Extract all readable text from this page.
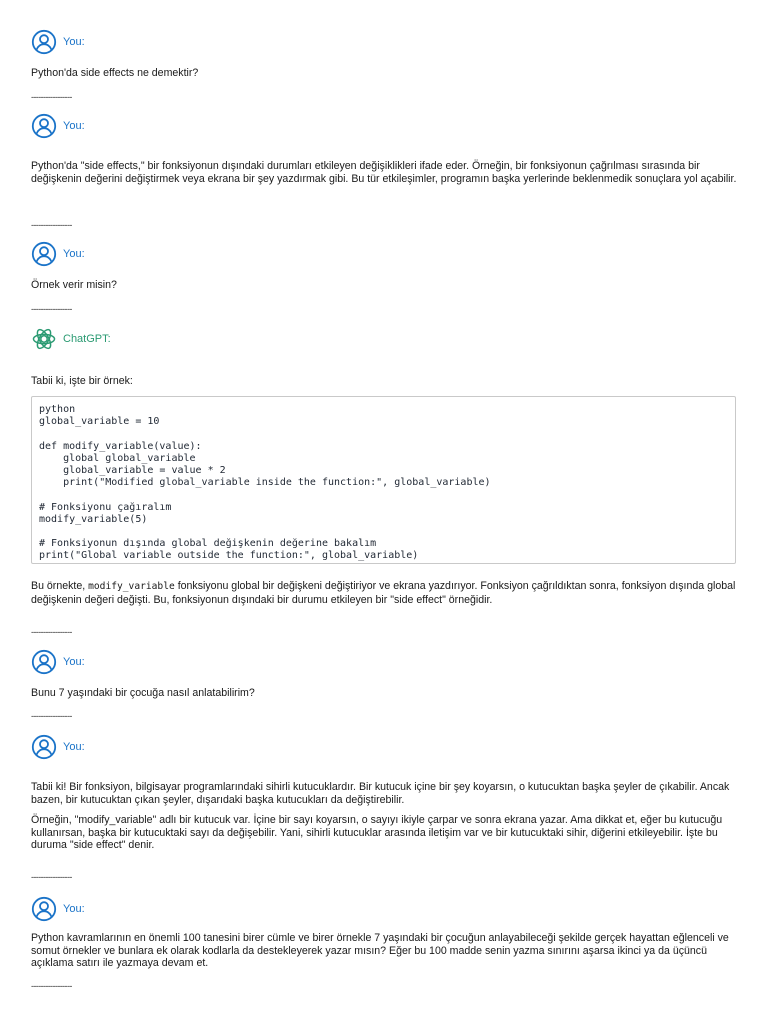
You:

Python'da side effects ne demektir?

-----------------
You:

Python'da "side effects," bir fonksiyonun dışındaki durumları etkileyen değişiklikleri ifade eder. Örneğin, bir fonksiyonun çağrılması sırasında bir değişkenin değerini değiştirmek veya ekrana bir şey yazdırmak gibi. Bu tür etkileşimler, programın başka yerlerinde beklenmedik sonuçlara yol açabilir.

-----------------
You:

Örnek verir misin?

-----------------
ChatGPT:

Tabii ki, işte bir örnek:

python
global_variable = 10

def modify_variable(value):
global global_variable
global_variable = value * 2
print("Modified global_variable inside the function:", global_variable)

# Fonksiyonu çağıralım
modify_variable(5)

# Fonksiyonun dışında global değişkenin değerine bakalım
print("Global variable outside the function:", global_variable)

Bu örnekte, modify_variable fonksiyonu global bir değişkeni değiştiriyor ve ekrana yazdırıyor. Fonksiyon çağrıldıktan sonra, fonksiyon dışında global değişkenin değeri değişti. Bu, fonksiyonun dışındaki bir durumu etkileyen bir "side effect" örneğidir.

-----------------
You:

Bunu 7 yaşındaki bir çocuğa nasıl anlatabilirim?

-----------------
You:

Tabii ki! Bir fonksiyon, bilgisayar programlarındaki sihirli kutucuklardır. Bir kutucuk içine bir şey koyarsın, o kutucuktan başka şeyler de çıkabilir. Ancak bazen, bir kutucuktan çıkan şeyler, dışarıdaki başka kutucukları da değiştirebilir.

Örneğin, "modify_variable" adlı bir kutucuk var. İçine bir sayı koyarsın, o sayıyı ikiyle çarpar ve sonra ekrana yazar. Ama dikkat et, eğer bu kutucuğu kullanırsan, başka bir kutucuktaki sayı da değişebilir. Yani, sihirli kutucuklar arasında iletişim var ve bir kutucuktaki sihir, diğerini etkileyebilir. İşte bu duruma "side effect" denir.

-----------------
You:

Python kavramlarının en önemli 100 tanesini birer cümle ve birer örnekle 7 yaşındaki bir çocuğun anlayabileceği şekilde gerçek hayattan eğlenceli ve somut örnekler ve bunlara ek olarak kodlarla da destekleyerek yazar mısın? Eğer bu 100 madde senin yazma sınırını aşarsa ikinci ya da üçüncü açıklama satırı ile yazmaya devam et.

-----------------
